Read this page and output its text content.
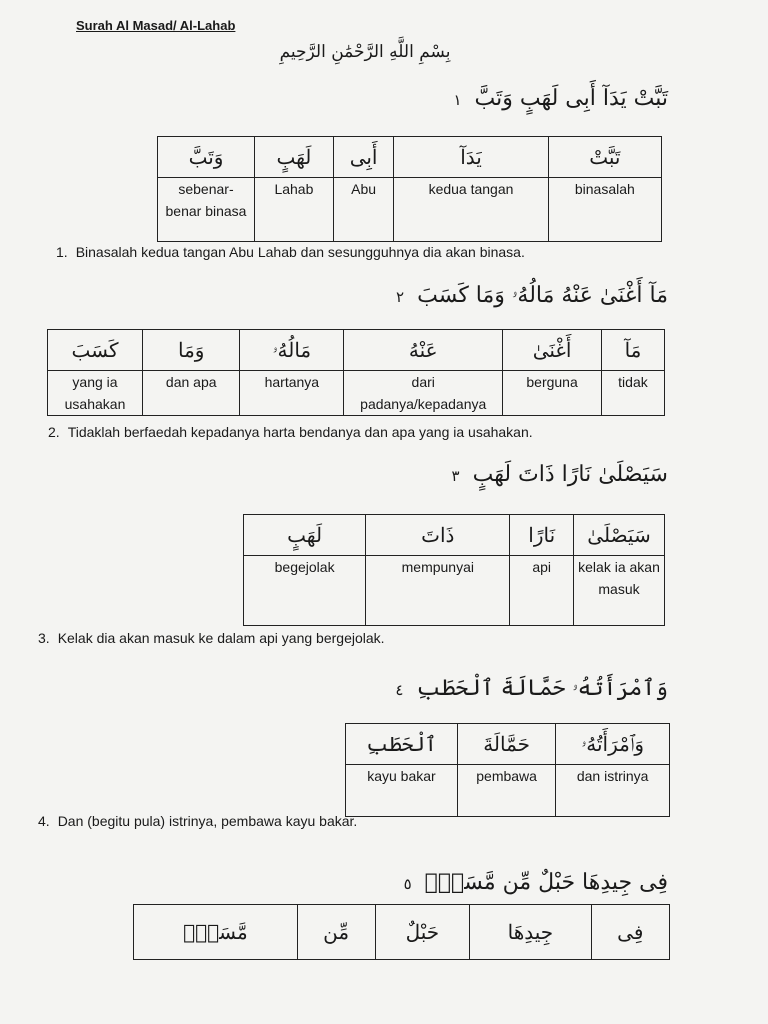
Surah Al Masad/ Al-Lahab
بِسْمِ اللَّهِ الرَّحْمَٰنِ الرَّحِيمِ
تَبَّتْ يَدَآ أَبِى لَهَبٍ وَتَبَّ ١
تَبَّتْ	يَدَآ	أَبِى	لَهَبٍ	وَتَبَّ
binasalah	kedua tangan	Abu	Lahab	sebenar-benar binasa
1. Binasalah kedua tangan Abu Lahab dan sesungguhnya dia akan binasa.
مَآ أَغْنَىٰ عَنْهُ مَالُهُۥ وَمَا كَسَبَ ٢
مَآ	أَغْنَىٰ	عَنْهُ	مَالُهُۥ	وَمَا	كَسَبَ
tidak	berguna	dari padanya/kepadanya	hartanya	dan apa	yang ia usahakan
2. Tidaklah berfaedah kepadanya harta bendanya dan apa yang ia usahakan.
سَيَصْلَىٰ نَارًا ذَاتَ لَهَبٍ ٣
سَيَصْلَىٰ	نَارًا	ذَاتَ	لَهَبٍ
kelak ia akan masuk	api	mempunyai	begejolak
3. Kelak dia akan masuk ke dalam api yang bergejolak.
وَٱمْرَأَتُهُۥ حَمَّالَةَ ٱلْحَطَبِ ٤
وَٱمْرَأَتُهُۥ	حَمَّالَةَ	ٱلْحَطَبِ
dan istrinya	pembawa	kayu bakar
4. Dan (begitu pula) istrinya, pembawa kayu bakar.
فِى جِيدِهَا حَبْلٌ مِّن مَّسَدٍۭ ٥
فِى	جِيدِهَا	حَبْلٌ	مِّن	مَّسَدٍۭ
